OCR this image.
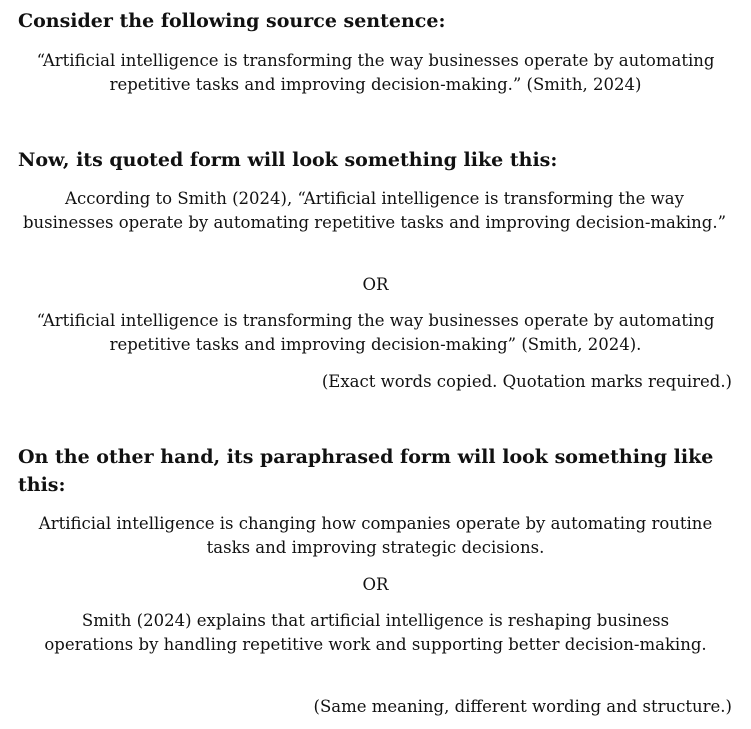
Consider the following source sentence:

“Artificial intelligence is transforming the way businesses operate by automating repetitive tasks and improving decision-making.” (Smith, 2024)

Now, its quoted form will look something like this:

According to Smith (2024), “Artificial intelligence is transforming the way businesses operate by automating repetitive tasks and improving decision-making.”

OR

“Artificial intelligence is transforming the way businesses operate by automating repetitive tasks and improving decision-making” (Smith, 2024).

(Exact words copied. Quotation marks required.)

On the other hand, its paraphrased form will look something like this:

Artificial intelligence is changing how companies operate by automating routine tasks and improving strategic decisions.

OR

Smith (2024) explains that artificial intelligence is reshaping business operations by handling repetitive work and supporting better decision-making.

(Same meaning, different wording and structure.)
